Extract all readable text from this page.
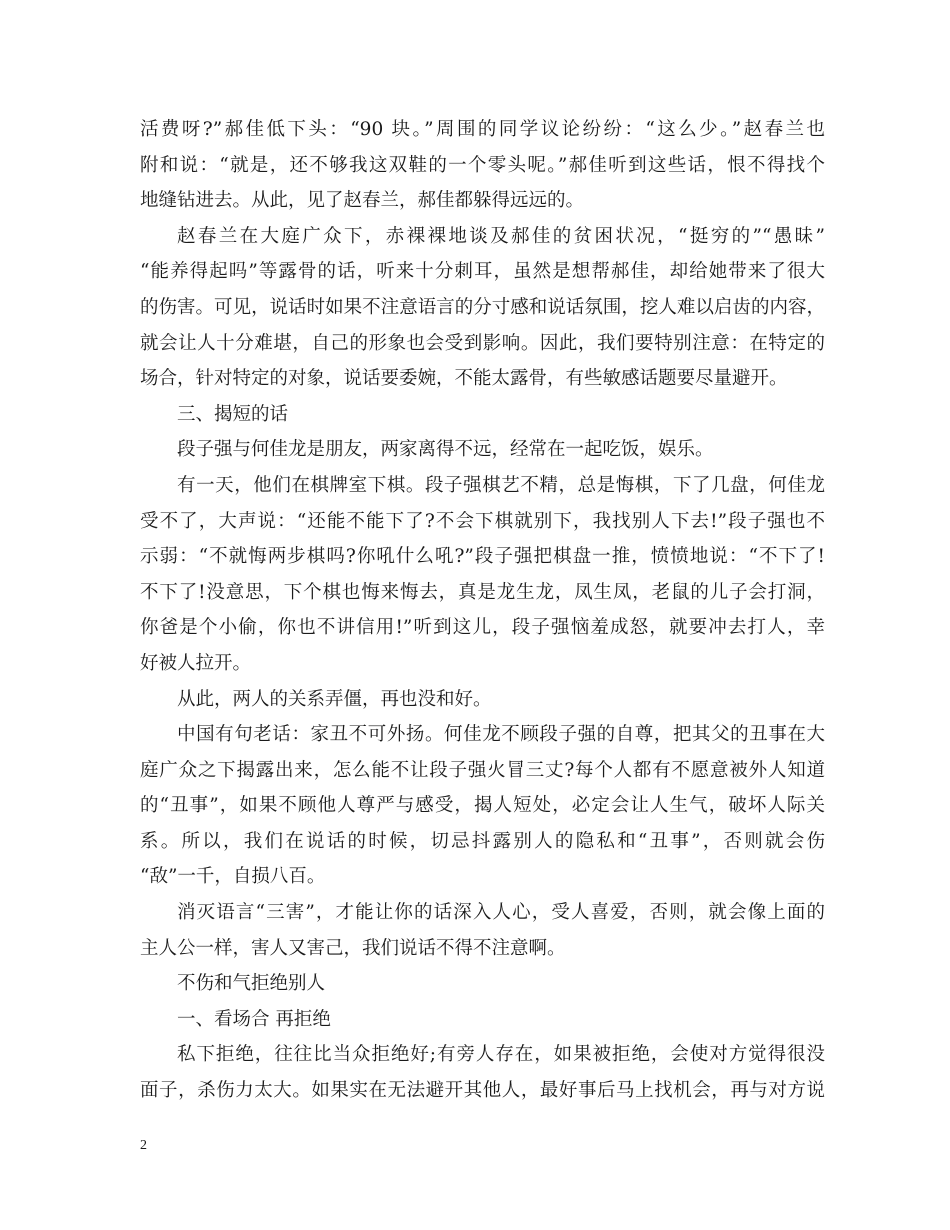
活费呀?”郝佳低下头：“90 块。”周围的同学议论纷纷：“这么少。”赵春兰也
附和说：“就是，还不够我这双鞋的一个零头呢。”郝佳听到这些话，恨不得找个
地缝钻进去。从此，见了赵春兰，郝佳都躲得远远的。
赵春兰在大庭广众下，赤裸裸地谈及郝佳的贫困状况，“挺穷的”“愚昧”
“能养得起吗”等露骨的话，听来十分刺耳，虽然是想帮郝佳，却给她带来了很大
的伤害。可见，说话时如果不注意语言的分寸感和说话氛围，挖人难以启齿的内容，
就会让人十分难堪，自己的形象也会受到影响。因此，我们要特别注意：在特定的
场合，针对特定的对象，说话要委婉，不能太露骨，有些敏感话题要尽量避开。
三、揭短的话
段子强与何佳龙是朋友，两家离得不远，经常在一起吃饭，娱乐。
有一天，他们在棋牌室下棋。段子强棋艺不精，总是悔棋，下了几盘，何佳龙
受不了，大声说：“还能不能下了?不会下棋就别下，我找别人下去!”段子强也不
示弱：“不就悔两步棋吗?你吼什么吼?”段子强把棋盘一推，愤愤地说：“不下了!
不下了!没意思，下个棋也悔来悔去，真是龙生龙，凤生凤，老鼠的儿子会打洞，
你爸是个小偷，你也不讲信用!”听到这儿，段子强恼羞成怒，就要冲去打人，幸
好被人拉开。
从此，两人的关系弄僵，再也没和好。
中国有句老话：家丑不可外扬。何佳龙不顾段子强的自尊，把其父的丑事在大
庭广众之下揭露出来，怎么能不让段子强火冒三丈?每个人都有不愿意被外人知道
的“丑事”，如果不顾他人尊严与感受，揭人短处，必定会让人生气，破坏人际关
系。所以，我们在说话的时候，切忌抖露别人的隐私和“丑事”，否则就会伤
“敌”一千，自损八百。
消灭语言“三害”，才能让你的话深入人心，受人喜爱，否则，就会像上面的
主人公一样，害人又害己，我们说话不得不注意啊。
不伤和气拒绝别人
一、看场合 再拒绝
私下拒绝，往往比当众拒绝好;有旁人存在，如果被拒绝，会使对方觉得很没
面子，杀伤力太大。如果实在无法避开其他人，最好事后马上找机会，再与对方说
2
